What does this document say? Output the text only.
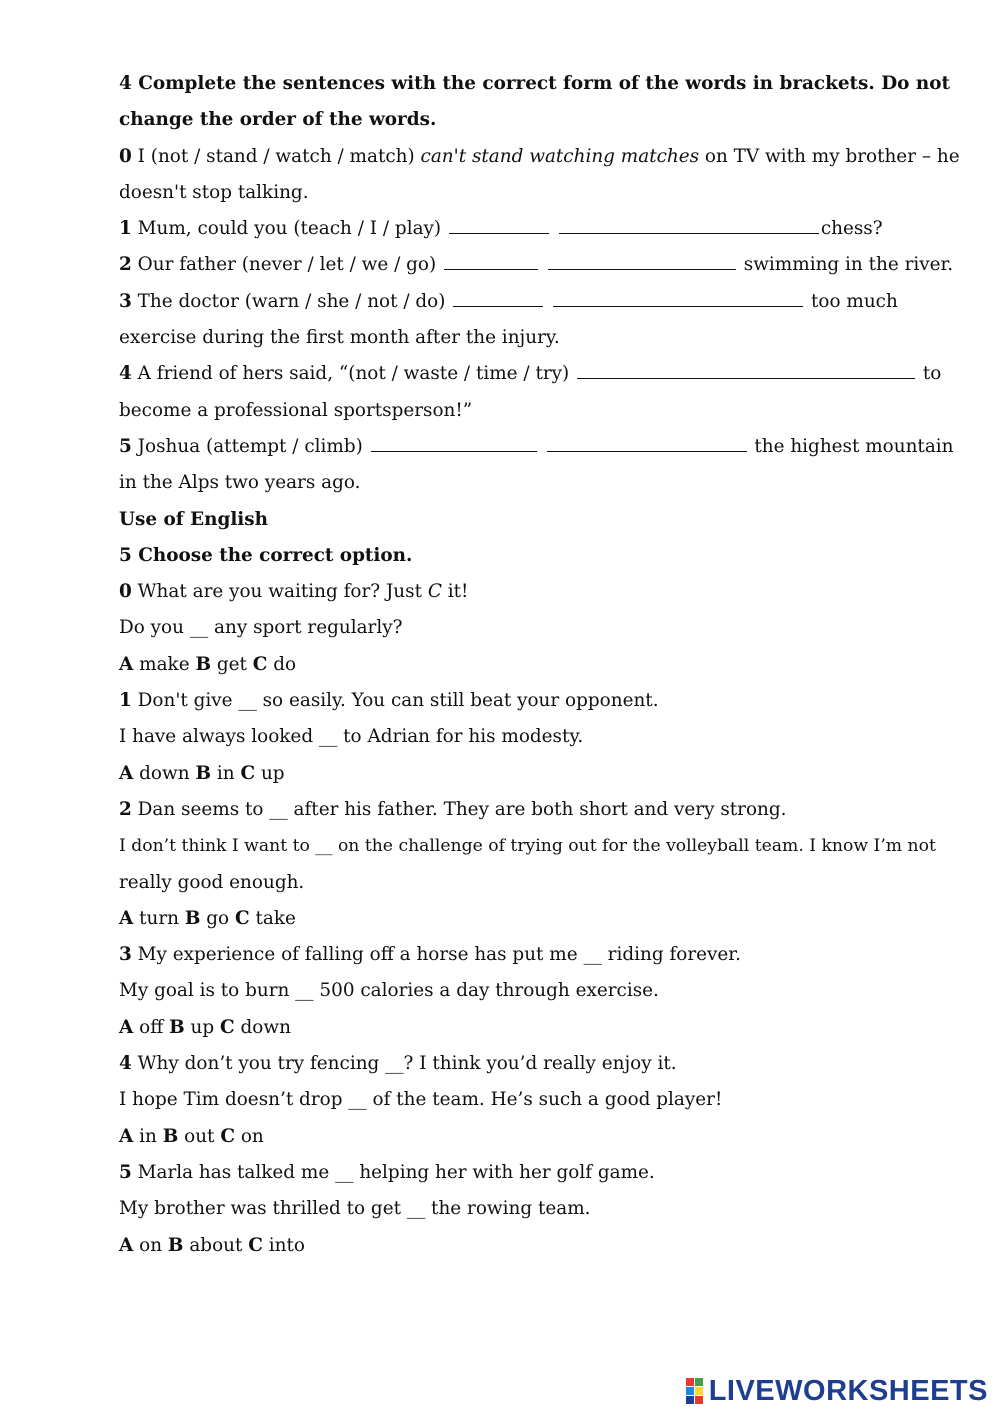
4 Complete the sentences with the correct form of the words in brackets. Do not
change the order of the words.
0 I (not / stand / watch / match) can't stand watching matches on TV with my brother – he
doesn't stop talking.
1 Mum, could you (teach / I / play)	chess?
2 Our father (never / let / we / go)	swimming in the river.
3 The doctor (warn / she / not / do)	too much
exercise during the first month after the injury.
4 A friend of hers said, “(not / waste / time / try)	to
become a professional sportsperson!”
5 Joshua (attempt / climb)	the highest mountain
in the Alps two years ago.
Use of English
5 Choose the correct option.
0 What are you waiting for? Just C it!
Do you __ any sport regularly?
A make B get C do
1 Don't give __ so easily. You can still beat your opponent.
I have always looked __ to Adrian for his modesty.
A down B in C up
2 Dan seems to __ after his father. They are both short and very strong.
I don’t think I want to __ on the challenge of trying out for the volleyball team. I know I’m not
really good enough.
A turn B go C take
3 My experience of falling off a horse has put me __ riding forever.
My goal is to burn __ 500 calories a day through exercise.
A off B up C down
4 Why don’t you try fencing __? I think you’d really enjoy it.
I hope Tim doesn’t drop __ of the team. He’s such a good player!
A in B out C on
5 Marla has talked me __ helping her with her golf game.
My brother was thrilled to get __ the rowing team.
A on B about C into
LIVEWORKSHEETS
